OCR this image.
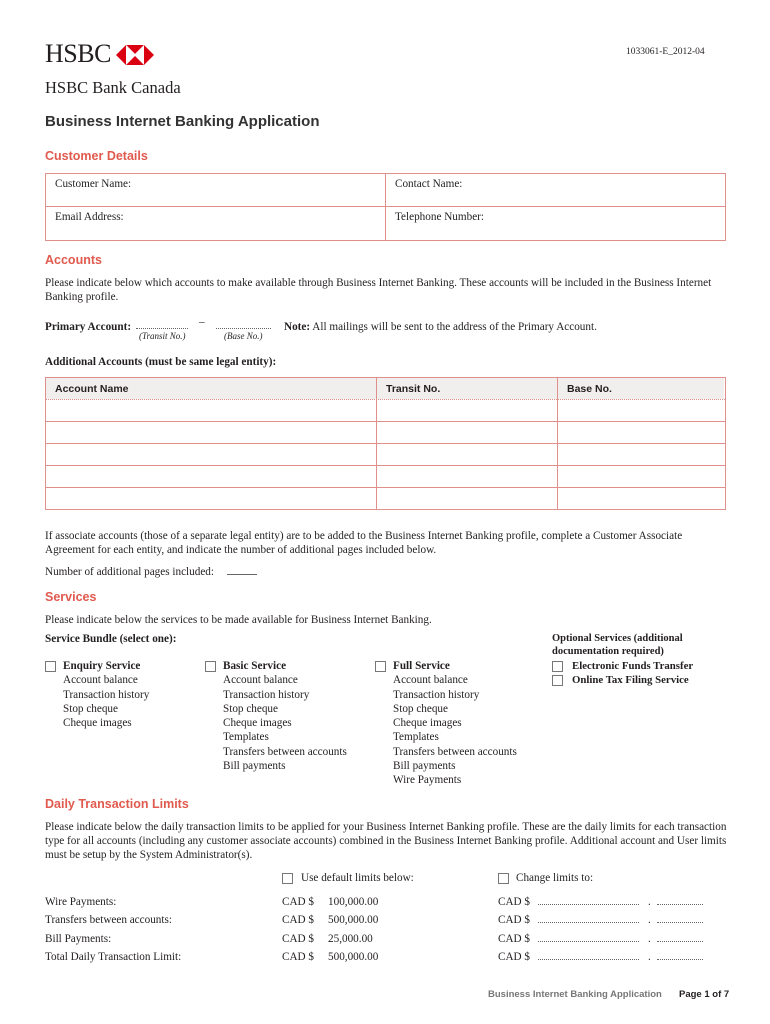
1033061-E_2012-04
HSBC
HSBC Bank Canada
Business Internet Banking Application
Customer Details
Customer Name:	Contact Name:
Email Address:	Telephone Number:
Accounts
Please indicate below which accounts to make available through Business Internet Banking. These accounts will be included in the Business Internet Banking profile.
Primary Account:	–
(Transit No.)	(Base No.)
Note: All mailings will be sent to the address of the Primary Account.
Additional Accounts (must be same legal entity):
Account Name	Transit No.	Base No.
If associate accounts (those of a separate legal entity) are to be added to the Business Internet Banking profile, complete a Customer Associate Agreement for each entity, and indicate the number of additional pages included below.
Number of additional pages included:
Services
Please indicate below the services to be made available for Business Internet Banking.
Service Bundle (select one):	Optional Services (additional documentation required)
Enquiry Service
Account balance
Transaction history
Stop cheque
Cheque images
Basic Service
Account balance
Transaction history
Stop cheque
Cheque images
Templates
Transfers between accounts
Bill payments
Full Service
Account balance
Transaction history
Stop cheque
Cheque images
Templates
Transfers between accounts
Bill payments
Wire Payments
Electronic Funds Transfer
Online Tax Filing Service
Daily Transaction Limits
Please indicate below the daily transaction limits to be applied for your Business Internet Banking profile. These are the daily limits for each transaction type for all accounts (including any customer associate accounts) combined in the Business Internet Banking profile. Additional account and User limits must be setup by the System Administrator(s).
Use default limits below:	Change limits to:
Wire Payments:	CAD $ 100,000.00	CAD $	.
Transfers between accounts:	CAD $ 500,000.00	CAD $	.
Bill Payments:	CAD $ 25,000.00	CAD $	.
Total Daily Transaction Limit:	CAD $ 500,000.00	CAD $	.
Business Internet Banking Application Page 1 of 7
